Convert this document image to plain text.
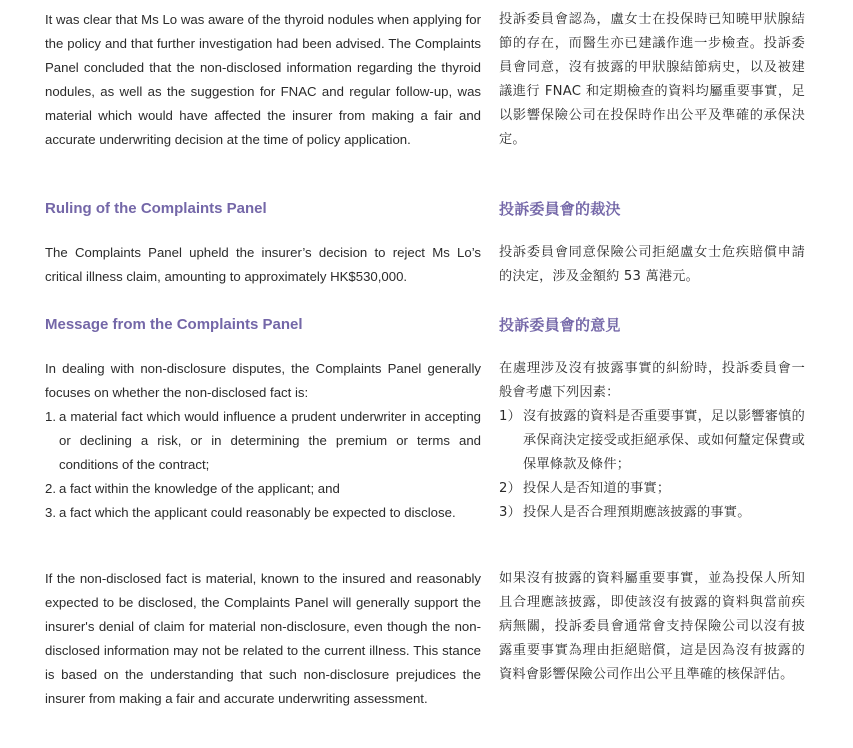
It was clear that Ms Lo was aware of the thyroid nodules when applying for the policy and that further investigation had been advised. The Complaints Panel concluded that the non-disclosed information regarding the thyroid nodules, as well as the suggestion for FNAC and regular follow-up, was material which would have affected the insurer from making a fair and accurate underwriting decision at the time of policy application.

Ruling of the Complaints Panel

The Complaints Panel upheld the insurer’s decision to reject Ms Lo’s critical illness claim, amounting to approximately HK$530,000.

Message from the Complaints Panel

In dealing with non-disclosure disputes, the Complaints Panel generally focuses on whether the non-disclosed fact is:

1. a material fact which would influence a prudent underwriter in accepting or declining a risk, or in determining the premium or terms and conditions of the contract;
2. a fact within the knowledge of the applicant; and
3. a fact which the applicant could reasonably be expected to disclose.

If the non-disclosed fact is material, known to the insured and reasonably expected to be disclosed, the Complaints Panel will generally support the insurer's denial of claim for material non-disclosure, even though the non-disclosed information may not be related to the current illness. This stance is based on the understanding that such non-disclosure prejudices the insurer from making a fair and accurate underwriting assessment.

投訴委員會認為，盧女士在投保時已知曉甲狀腺結節的存在，而醫生亦已建議作進一步檢查。投訴委員會同意，沒有披露的甲狀腺結節病史，以及被建議進行 FNAC 和定期檢查的資料均屬重要事實，足以影響保險公司在投保時作出公平及準確的承保決定。

投訴委員會的裁決

投訴委員會同意保險公司拒絕盧女士危疾賠償申請的決定，涉及金額約 53 萬港元。

投訴委員會的意見

在處理涉及沒有披露事實的糾紛時，投訴委員會一般會考慮下列因素：

1） 沒有披露的資料是否重要事實，足以影響審慎的承保商決定接受或拒絕承保、或如何釐定保費或保單條款及條件；
2） 投保人是否知道的事實；
3） 投保人是否合理預期應該披露的事實。

如果沒有披露的資料屬重要事實，並為投保人所知且合理應該披露，即使該沒有披露的資料與當前疾病無關，投訴委員會通常會支持保險公司以沒有披露重要事實為理由拒絕賠償，這是因為沒有披露的資料會影響保險公司作出公平且準確的核保評估。
